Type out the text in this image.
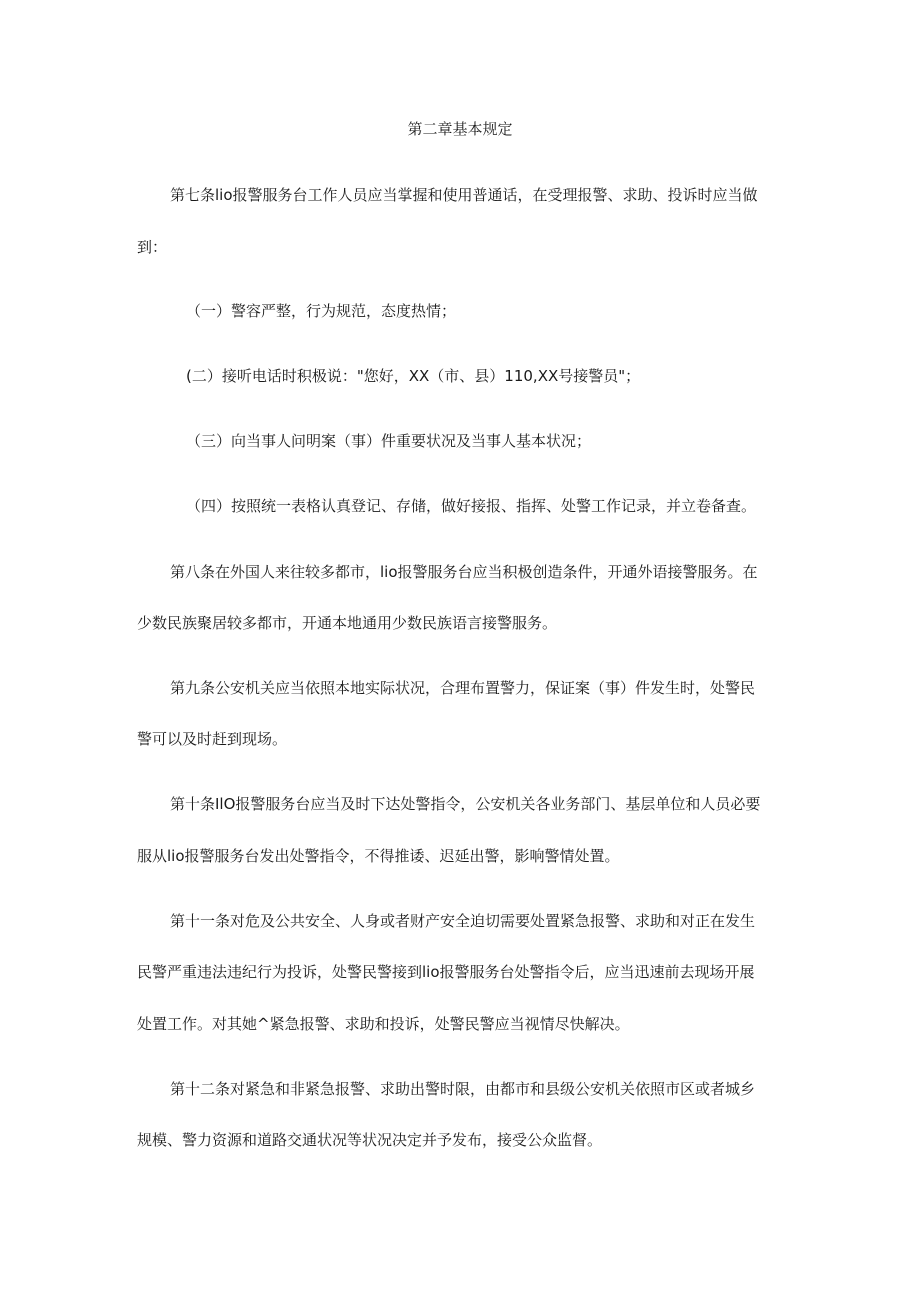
第二章基本规定
第七条lio报警服务台工作人员应当掌握和使用普通话，在受理报警、求助、投诉时应当做
到：
（一）警容严整，行为规范，态度热情；
(二）接听电话时积极说："您好，XX（市、县）110,XX号接警员"；
（三）向当事人问明案（事）件重要状况及当事人基本状况；
（四）按照统一表格认真登记、存储，做好接报、指挥、处警工作记录，并立卷备查。
第八条在外国人来往较多都市，lio报警服务台应当积极创造条件，开通外语接警服务。在
少数民族聚居较多都市，开通本地通用少数民族语言接警服务。
第九条公安机关应当依照本地实际状况，合理布置警力，保证案（事）件发生时，处警民
警可以及时赶到现场。
第十条IlO报警服务台应当及时下达处警指令，公安机关各业务部门、基层单位和人员必要
服从lio报警服务台发出处警指令，不得推诿、迟延出警，影响警情处置。
第十一条对危及公共安全、人身或者财产安全迫切需要处置紧急报警、求助和对正在发生
民警严重违法违纪行为投诉，处警民警接到lio报警服务台处警指令后，应当迅速前去现场开展
处置工作。对其她^紧急报警、求助和投诉，处警民警应当视情尽快解决。
第十二条对紧急和非紧急报警、求助出警时限，由都市和县级公安机关依照市区或者城乡
规模、警力资源和道路交通状况等状况决定并予发布，接受公众监督。
